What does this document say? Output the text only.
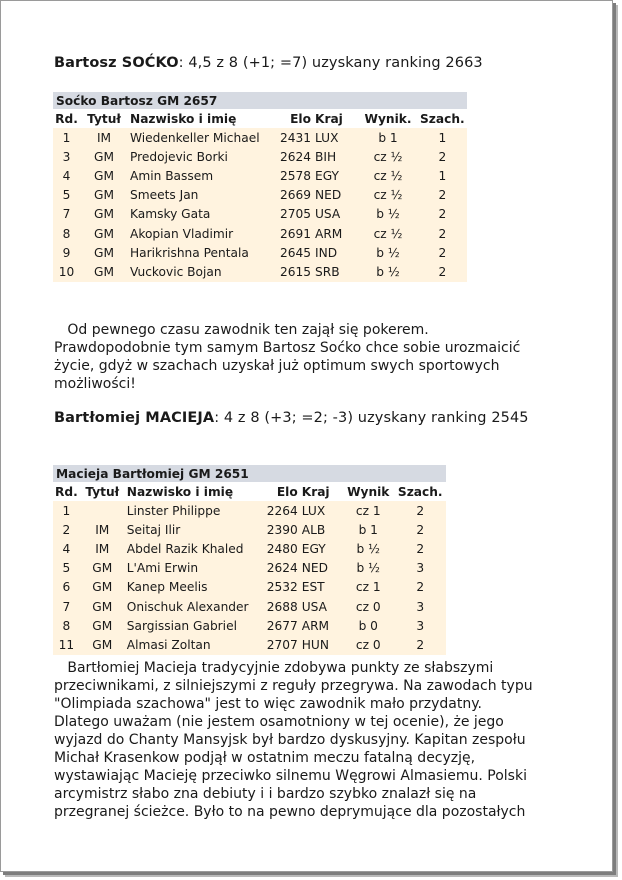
Bartosz SOĆKO: 4,5 z 8 (+1; =7) uzyskany ranking 2663
Soćko Bartosz GM 2657						
Rd.	Tytuł	Nazwisko i imię	Elo	Kraj	Wynik.	Szach.
1	IM	Wiedenkeller Michael	2431	LUX	b 1	1
3	GM	Predojevic Borki	2624	BIH	cz ½	2
4	GM	Amin Bassem	2578	EGY	cz ½	1
5	GM	Smeets Jan	2669	NED	cz ½	2
7	GM	Kamsky Gata	2705	USA	b ½	2
8	GM	Akopian Vladimir	2691	ARM	cz ½	2
9	GM	Harikrishna Pentala	2645	IND	b ½	2
10	GM	Vuckovic Bojan	2615	SRB	b ½	2
Od pewnego czasu zawodnik ten zajął się pokerem.
Prawdopodobnie tym samym Bartosz Soćko chce sobie urozmaicić
życie, gdyż w szachach uzyskał już optimum swych sportowych
możliwości!
Bartłomiej MACIEJA: 4 z 8 (+3; =2; -3) uzyskany ranking 2545
Macieja Bartłomiej GM 2651						
Rd.	Tytuł	Nazwisko i imię	Elo	Kraj	Wynik	Szach.
1		Linster Philippe	2264	LUX	cz 1	2
2	IM	Seitaj Ilir	2390	ALB	b 1	2
4	IM	Abdel Razik Khaled	2480	EGY	b ½	2
5	GM	L'Ami Erwin	2624	NED	b ½	3
6	GM	Kanep Meelis	2532	EST	cz 1	2
7	GM	Onischuk Alexander	2688	USA	cz 0	3
8	GM	Sargissian Gabriel	2677	ARM	b 0	3
11	GM	Almasi Zoltan	2707	HUN	cz 0	2
Bartłomiej Macieja tradycyjnie zdobywa punkty ze słabszymi
przeciwnikami, z silniejszymi z reguły przegrywa. Na zawodach typu
"Olimpiada szachowa" jest to więc zawodnik mało przydatny.
Dlatego uważam (nie jestem osamotniony w tej ocenie), że jego
wyjazd do Chanty Mansyjsk był bardzo dyskusyjny. Kapitan zespołu
Michał Krasenkow podjął w ostatnim meczu fatalną decyzję,
wystawiając Macieję przeciwko silnemu Węgrowi Almasiemu. Polski
arcymistrz słabo zna debiuty i i bardzo szybko znalazł się na
przegranej ścieżce. Było to na pewno deprymujące dla pozostałych
